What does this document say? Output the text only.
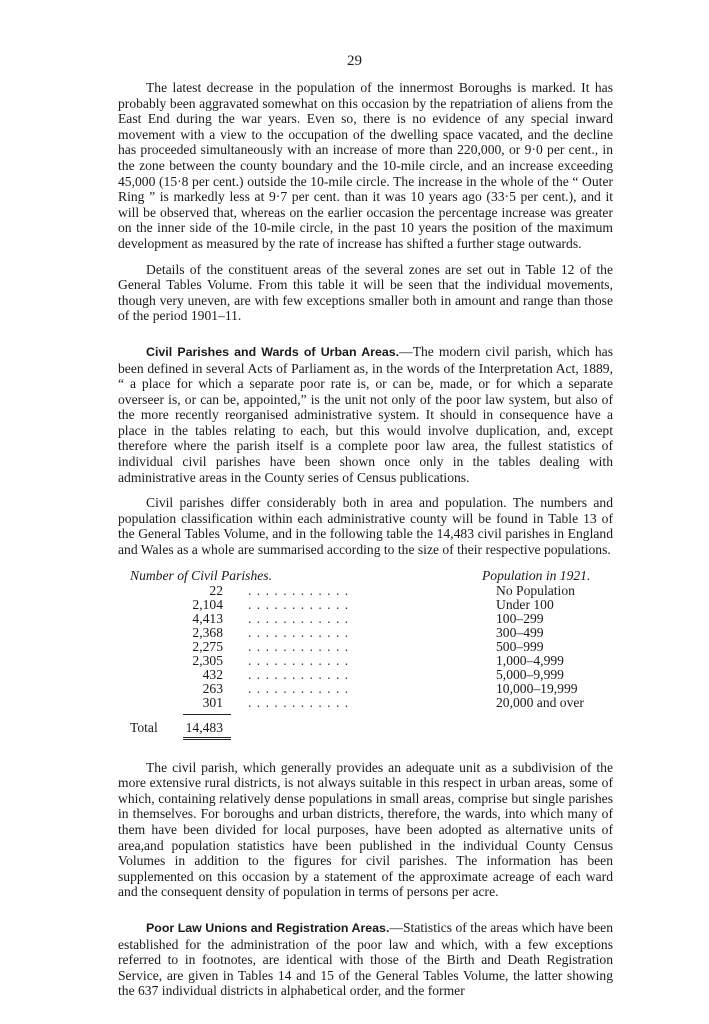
29

The latest decrease in the population of the innermost Boroughs is marked. It has probably been aggravated somewhat on this occasion by the repatriation of aliens from the East End during the war years. Even so, there is no evidence of any special inward movement with a view to the occupation of the dwelling space vacated, and the decline has proceeded simultaneously with an increase of more than 220,000, or 9·0 per cent., in the zone between the county boundary and the 10-mile circle, and an increase exceeding 45,000 (15·8 per cent.) outside the 10-mile circle. The increase in the whole of the “ Outer Ring ” is markedly less at 9·7 per cent. than it was 10 years ago (33·5 per cent.), and it will be observed that, whereas on the earlier occasion the percentage increase was greater on the inner side of the 10-mile circle, in the past 10 years the position of the maximum development as measured by the rate of increase has shifted a further stage outwards.

Details of the constituent areas of the several zones are set out in Table 12 of the General Tables Volume. From this table it will be seen that the individual movements, though very uneven, are with few exceptions smaller both in amount and range than those of the period 1901–11.

Civil Parishes and Wards of Urban Areas.—The modern civil parish, which has been defined in several Acts of Parliament as, in the words of the Interpretation Act, 1889, “ a place for which a separate poor rate is, or can be, made, or for which a separate overseer is, or can be, appointed,” is the unit not only of the poor law system, but also of the more recently reorganised administrative system. It should in consequence have a place in the tables relating to each, but this would involve duplication, and, except therefore where the parish itself is a complete poor law area, the fullest statistics of individual civil parishes have been shown once only in the tables dealing with administrative areas in the County series of Census publications.

Civil parishes differ considerably both in area and population. The numbers and population classification within each administrative county will be found in Table 13 of the General Tables Volume, and in the following table the 14,483 civil parishes in England and Wales as a whole are summarised according to the size of their respective populations.

Number of Civil Parishes.	Population in 1921.
22 . . . . . . . . . . . .	No Population
2,104 . . . . . . . . . . . .	Under 100
4,413 . . . . . . . . . . . .	100–299
2,368 . . . . . . . . . . . .	300–499
2,275 . . . . . . . . . . . .	500–999
2,305 . . . . . . . . . . . .	1,000–4,999
432 . . . . . . . . . . . .	5,000–9,999
263 . . . . . . . . . . . .	10,000–19,999
301 . . . . . . . . . . . .	20,000 and over
Total 14,483

The civil parish, which generally provides an adequate unit as a subdivision of the more extensive rural districts, is not always suitable in this respect in urban areas, some of which, containing relatively dense populations in small areas, comprise but single parishes in themselves. For boroughs and urban districts, therefore, the wards, into which many of them have been divided for local purposes, have been adopted as alternative units of area,and population statistics have been published in the individual County Census Volumes in addition to the figures for civil parishes. The information has been supplemented on this occasion by a statement of the approximate acreage of each ward and the consequent density of population in terms of persons per acre.

Poor Law Unions and Registration Areas.—Statistics of the areas which have been established for the administration of the poor law and which, with a few exceptions referred to in footnotes, are identical with those of the Birth and Death Registration Service, are given in Tables 14 and 15 of the General Tables Volume, the latter showing the 637 individual districts in alphabetical order, and the former
